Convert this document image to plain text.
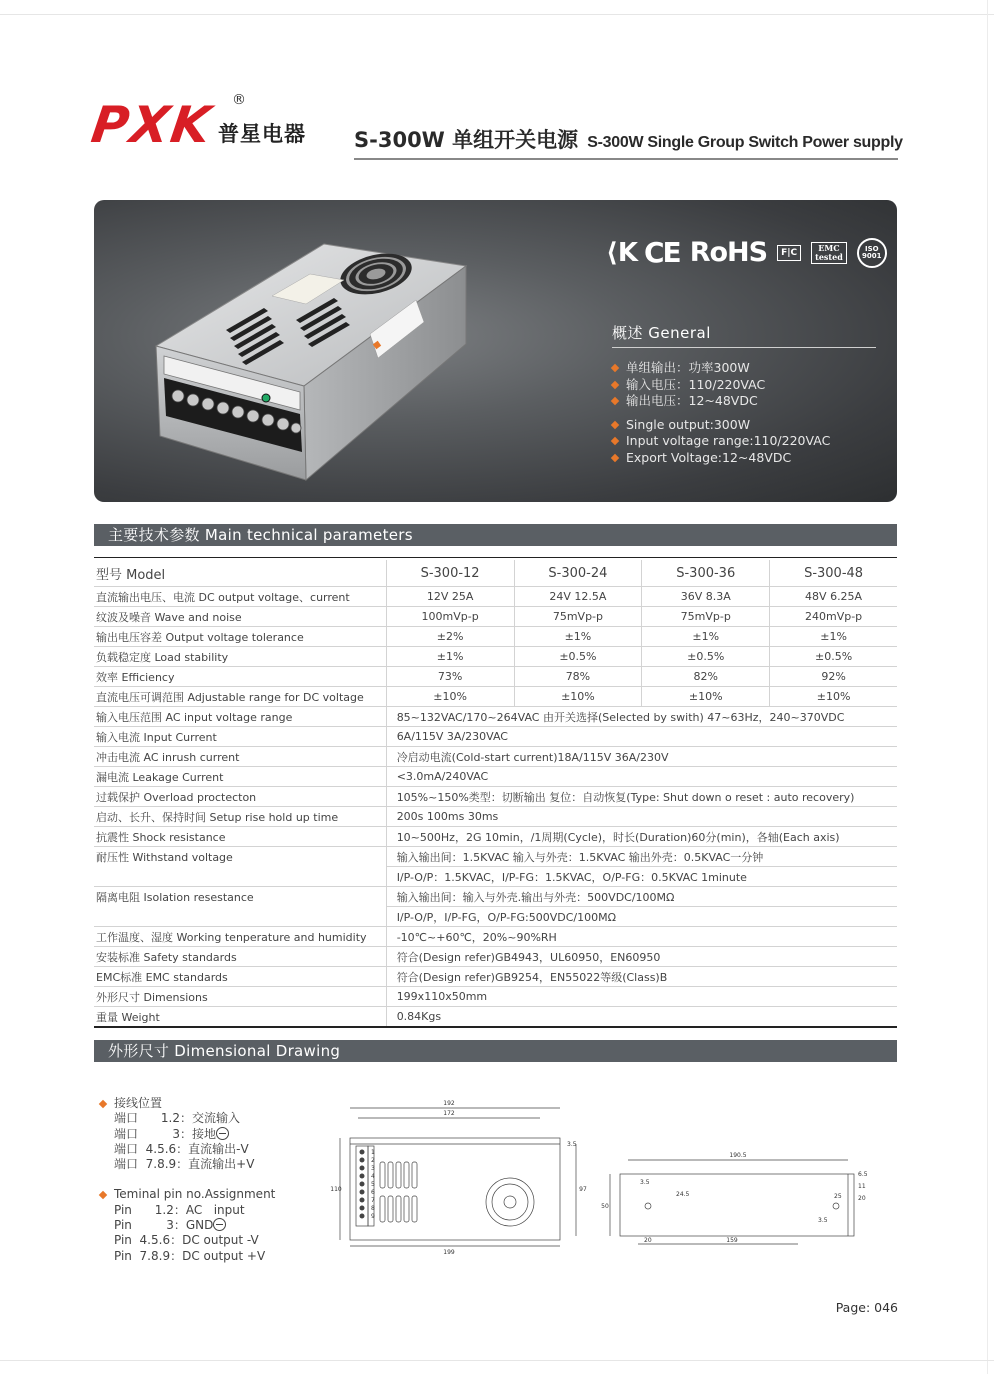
PXK 普星电器
®
S-300W 单组开关电源 S-300W Single Group Switch Power supply
⟨K CE RoHS	F|C	EMC
tested
ISO
9001
概述 General
单组输出：功率300W
输入电压：110/220VAC
输出电压：12~48VDC
Single output:300W
Input voltage range:110/220VAC
Export Voltage:12~48VDC
主要技术参数 Main technical parameters
型号 Model	S-300-12	S-300-24	S-300-36	S-300-48
直流输出电压、电流 DC output voltage、current	12V 25A	24V 12.5A	36V 8.3A	48V 6.25A
纹波及噪音 Wave and noise	100mVp-p	75mVp-p	75mVp-p	240mVp-p
输出电压容差 Output voltage tolerance	±2%	±1%	±1%	±1%
负载稳定度 Load stability	±1%	±0.5%	±0.5%	±0.5%
效率 Efficiency	73%	78%	82%	92%
直流电压可调范围 Adjustable range for DC voltage	±10%	±10%	±10%	±10%
输入电压范围 AC input voltage range	85~132VAC/170~264VAC 由开关选择(Selected by swith) 47~63Hz，240~370VDC			
输入电流 Input Current	6A/115V 3A/230VAC			
冲击电流 AC inrush current	冷启动电流(Cold-start current)18A/115V 36A/230V			
漏电流 Leakage Current	<3.0mA/240VAC			
过载保护 Overload proctecton	105%~150%类型：切断输出 复位：自动恢复(Type: Shut down o reset : auto recovery)			
启动、长升、保持时间 Setup rise hold up time	200s 100ms 30ms			
抗震性 Shock resistance	10~500Hz，2G 10min，/1周期(Cycle)，时长(Duration)60分(min)，各轴(Each axis)			
耐压性 Withstand voltage	输入输出间：1.5KVAC 输入与外壳：1.5KVAC 输出外壳：0.5KVAC一分钟			
	I/P-O/P：1.5KVAC，I/P-FG：1.5KVAC，O/P-FG：0.5KVAC 1minute			
隔离电阻 Isolation resestance	输入输出间：输入与外壳.输出与外壳：500VDC/100MΩ			
	I/P-O/P，I/P-FG，O/P-FG:500VDC/100MΩ			
工作温度、湿度 Working tenperature and humidity	-10℃~+60℃，20%~90%RH			
安装标准 Safety standards	符合(Design refer)GB4943，UL60950，EN60950			
EMC标准 EMC standards	符合(Design refer)GB9254，EN55022等级(Class)B			
外形尺寸 Dimensions	199x110x50mm			
重量 Weight	0.84Kgs			
外形尺寸 Dimensional Drawing
接线位置
端口      1.2：交流输入
端口         3：接地
端口  4.5.6：直流输出-V
端口  7.8.9：直流输出+V
Teminal pin no.Assignment
Pin      1.2：AC   input
Pin         3：GND
Pin  4.5.6：DC output -V
Pin  7.8.9：DC output +V
1
2
3
4
5
6
7
8
9
192
172
110	97
199
3.5
190.5
50
24.5
20	159
25
6.5
11
3.5
20
3.5
Page: 046
